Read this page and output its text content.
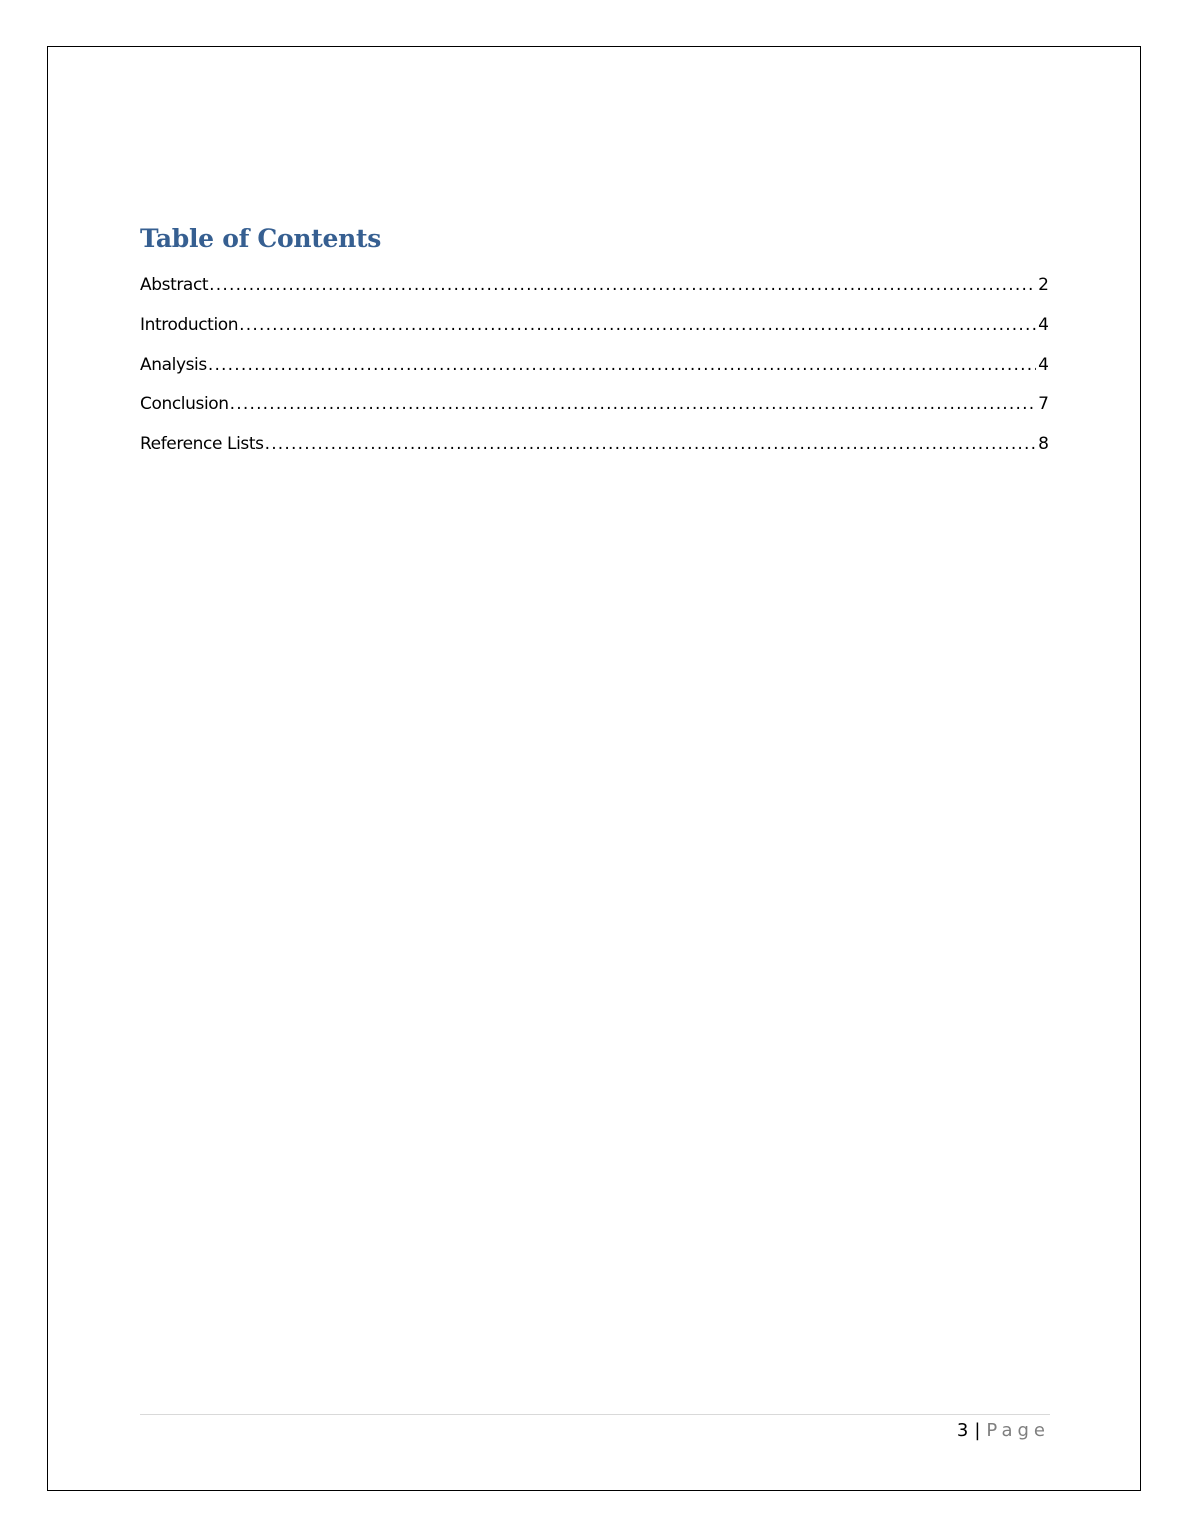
Table of Contents
Abstract .....	2
Introduction .....	4
Analysis .....	4
Conclusion .....	7
Reference Lists .....	8
3 | Page
